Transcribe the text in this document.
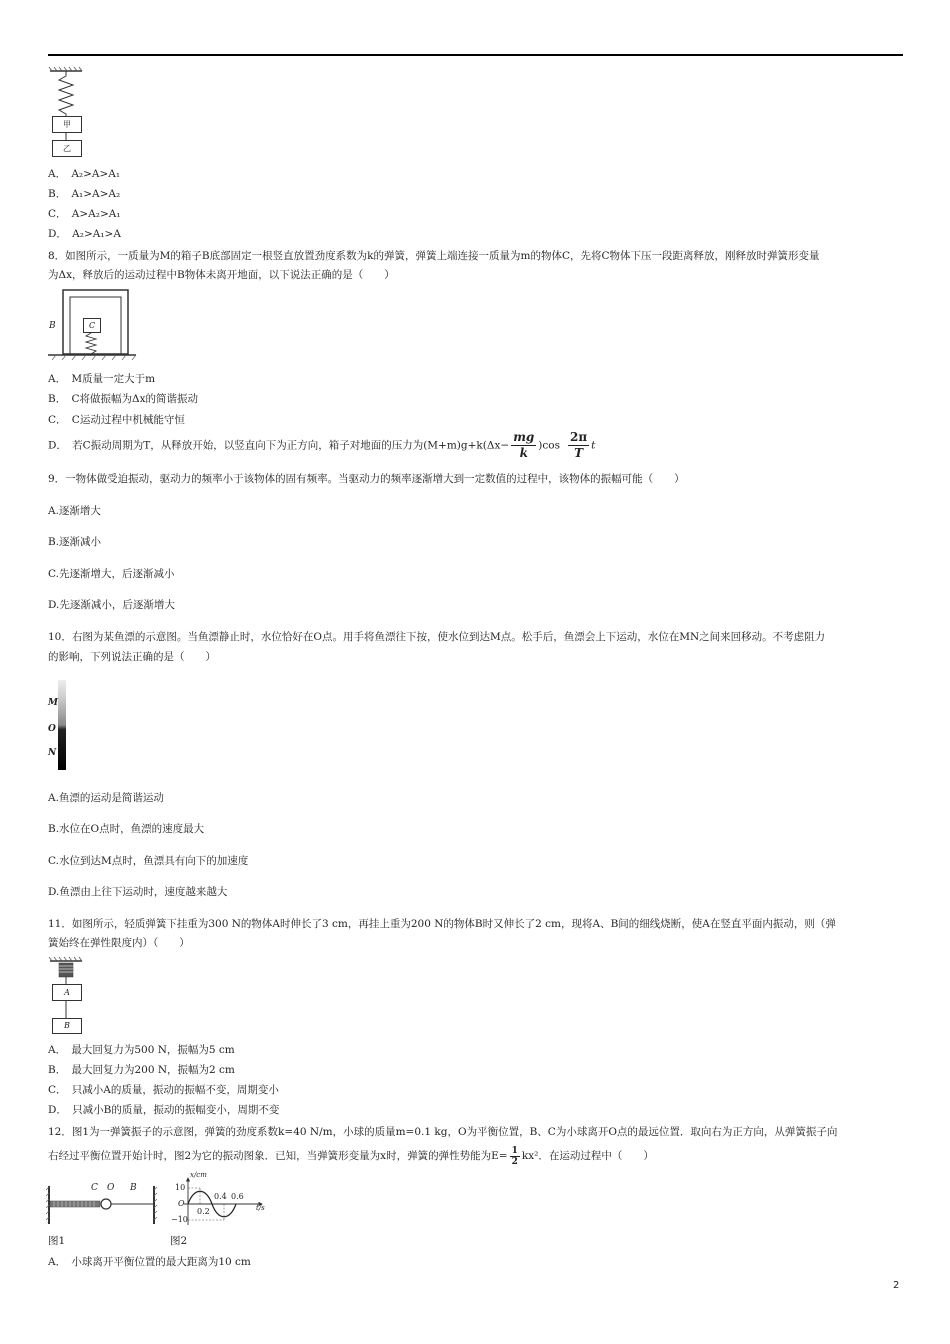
甲
乙
A．　A₂>A>A₁
B．　A₁>A>A₂
C．　A>A₂>A₁
D．　A₂>A₁>A
8．如图所示，一质量为M的箱子B底部固定一根竖直放置劲度系数为k的弹簧，弹簧上端连接一质量为m的物体C，先将C物体下压一段距离释放，刚释放时弹簧形变量
为Δx，释放后的运动过程中B物体未离开地面，以下说法正确的是（　　）
B	C
A．　M质量一定大于m
B．　C将做振幅为Δx的简谐振动
C．　C运动过程中机械能守恒
D．　若C振动周期为T，从释放开始，以竖直向下为正方向，箱子对地面的压力为$(M+m)g+k(\Delta x- \frac{mg}{k} )\cos \frac{2\pi}{T}$ t
9．一物体做受迫振动，驱动力的频率小于该物体的固有频率。当驱动力的频率逐渐增大到一定数值的过程中，该物体的振幅可能（　　）
A.逐渐增大
B.逐渐减小
C.先逐渐增大，后逐渐减小
D.先逐渐减小，后逐渐增大
10．右图为某鱼漂的示意图。当鱼漂静止时，水位恰好在O点。用手将鱼漂往下按，使水位到达M点。松手后，鱼漂会上下运动，水位在MN之间来回移动。不考虑阻力
的影响，下列说法正确的是（　　）
M
O
N
A.鱼漂的运动是简谐运动
B.水位在O点时，鱼漂的速度最大
C.水位到达M点时，鱼漂具有向下的加速度
D.鱼漂由上往下运动时，速度越来越大
11．如图所示，轻质弹簧下挂重为300 N的物体A时伸长了3 cm，再挂上重为200 N的物体B时又伸长了2 cm，现将A、B间的细线烧断，使A在竖直平面内振动，则（弹
簧始终在弹性限度内）（　　）
A
B
A．　最大回复力为500 N，振幅为5 cm
B．　最大回复力为200 N，振幅为2 cm
C．　只减小A的质量，振动的振幅不变，周期变小
D．　只减小B的质量，振动的振幅变小，周期不变
12．图1为一弹簧振子的示意图，弹簧的劲度系数k=40 N/m，小球的质量m=0.1 kg，O为平衡位置，B、C为小球离开O点的最远位置．取向右为正方向，从弹簧振子向
右经过平衡位置开始计时，图2为它的振动图象．已知，当弹簧形变量为x时，弹簧的弹性势能为$E= \frac{1}{2} kx^2$．在运动过程中（　　）
C O B
x/cm
t/s
10
O
−10
0.2
0.4 0.6
图1	图2
A．　小球离开平衡位置的最大距离为10 cm
2
